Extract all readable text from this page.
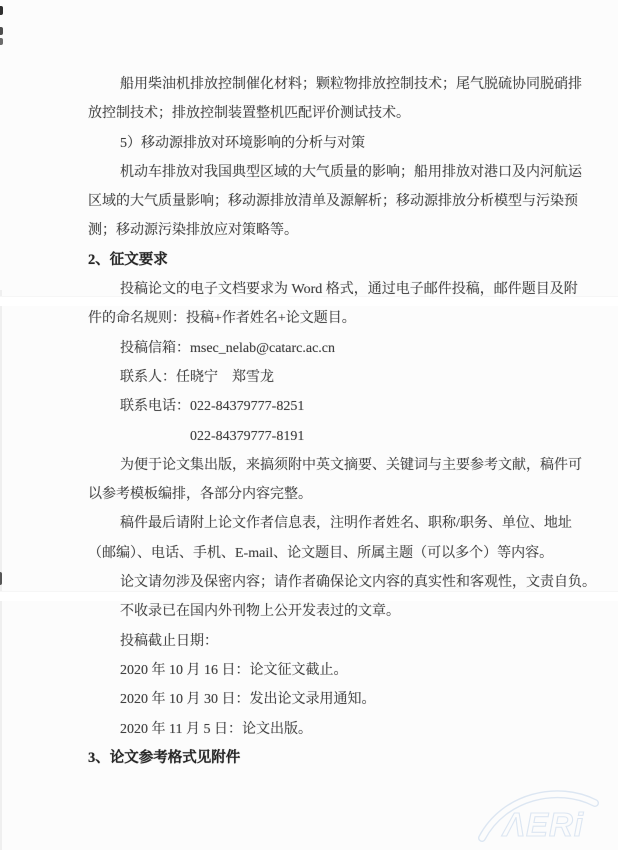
船用柴油机排放控制催化材料；颗粒物排放控制技术；尾气脱硫协同脱硝排
放控制技术；排放控制装置整机匹配评价测试技术。
5）移动源排放对环境影响的分析与对策
机动车排放对我国典型区域的大气质量的影响；船用排放对港口及内河航运
区域的大气质量影响；移动源排放清单及源解析；移动源排放分析模型与污染预
测；移动源污染排放应对策略等。
2、征文要求
投稿论文的电子文档要求为 Word 格式，通过电子邮件投稿，邮件题目及附
件的命名规则：投稿+作者姓名+论文题目。
投稿信箱：msec_nelab@catarc.ac.cn
联系人：任晓宁　郑雪龙
联系电话：022-84379777-8251
022-84379777-8191
为便于论文集出版，来搞须附中英文摘要、关键词与主要参考文献，稿件可
以参考模板编排，各部分内容完整。
稿件最后请附上论文作者信息表，注明作者姓名、职称/职务、单位、地址
（邮编）、电话、手机、E-mail、论文题目、所属主题（可以多个）等内容。
论文请勿涉及保密内容；请作者确保论文内容的真实性和客观性，文责自负。
不收录已在国内外刊物上公开发表过的文章。
投稿截止日期：
2020 年 10 月 16 日：论文征文截止。
2020 年 10 月 30 日：发出论文录用通知。
2020 年 11 月 5 日：论文出版。
3、论文参考格式见附件
ΛERi
